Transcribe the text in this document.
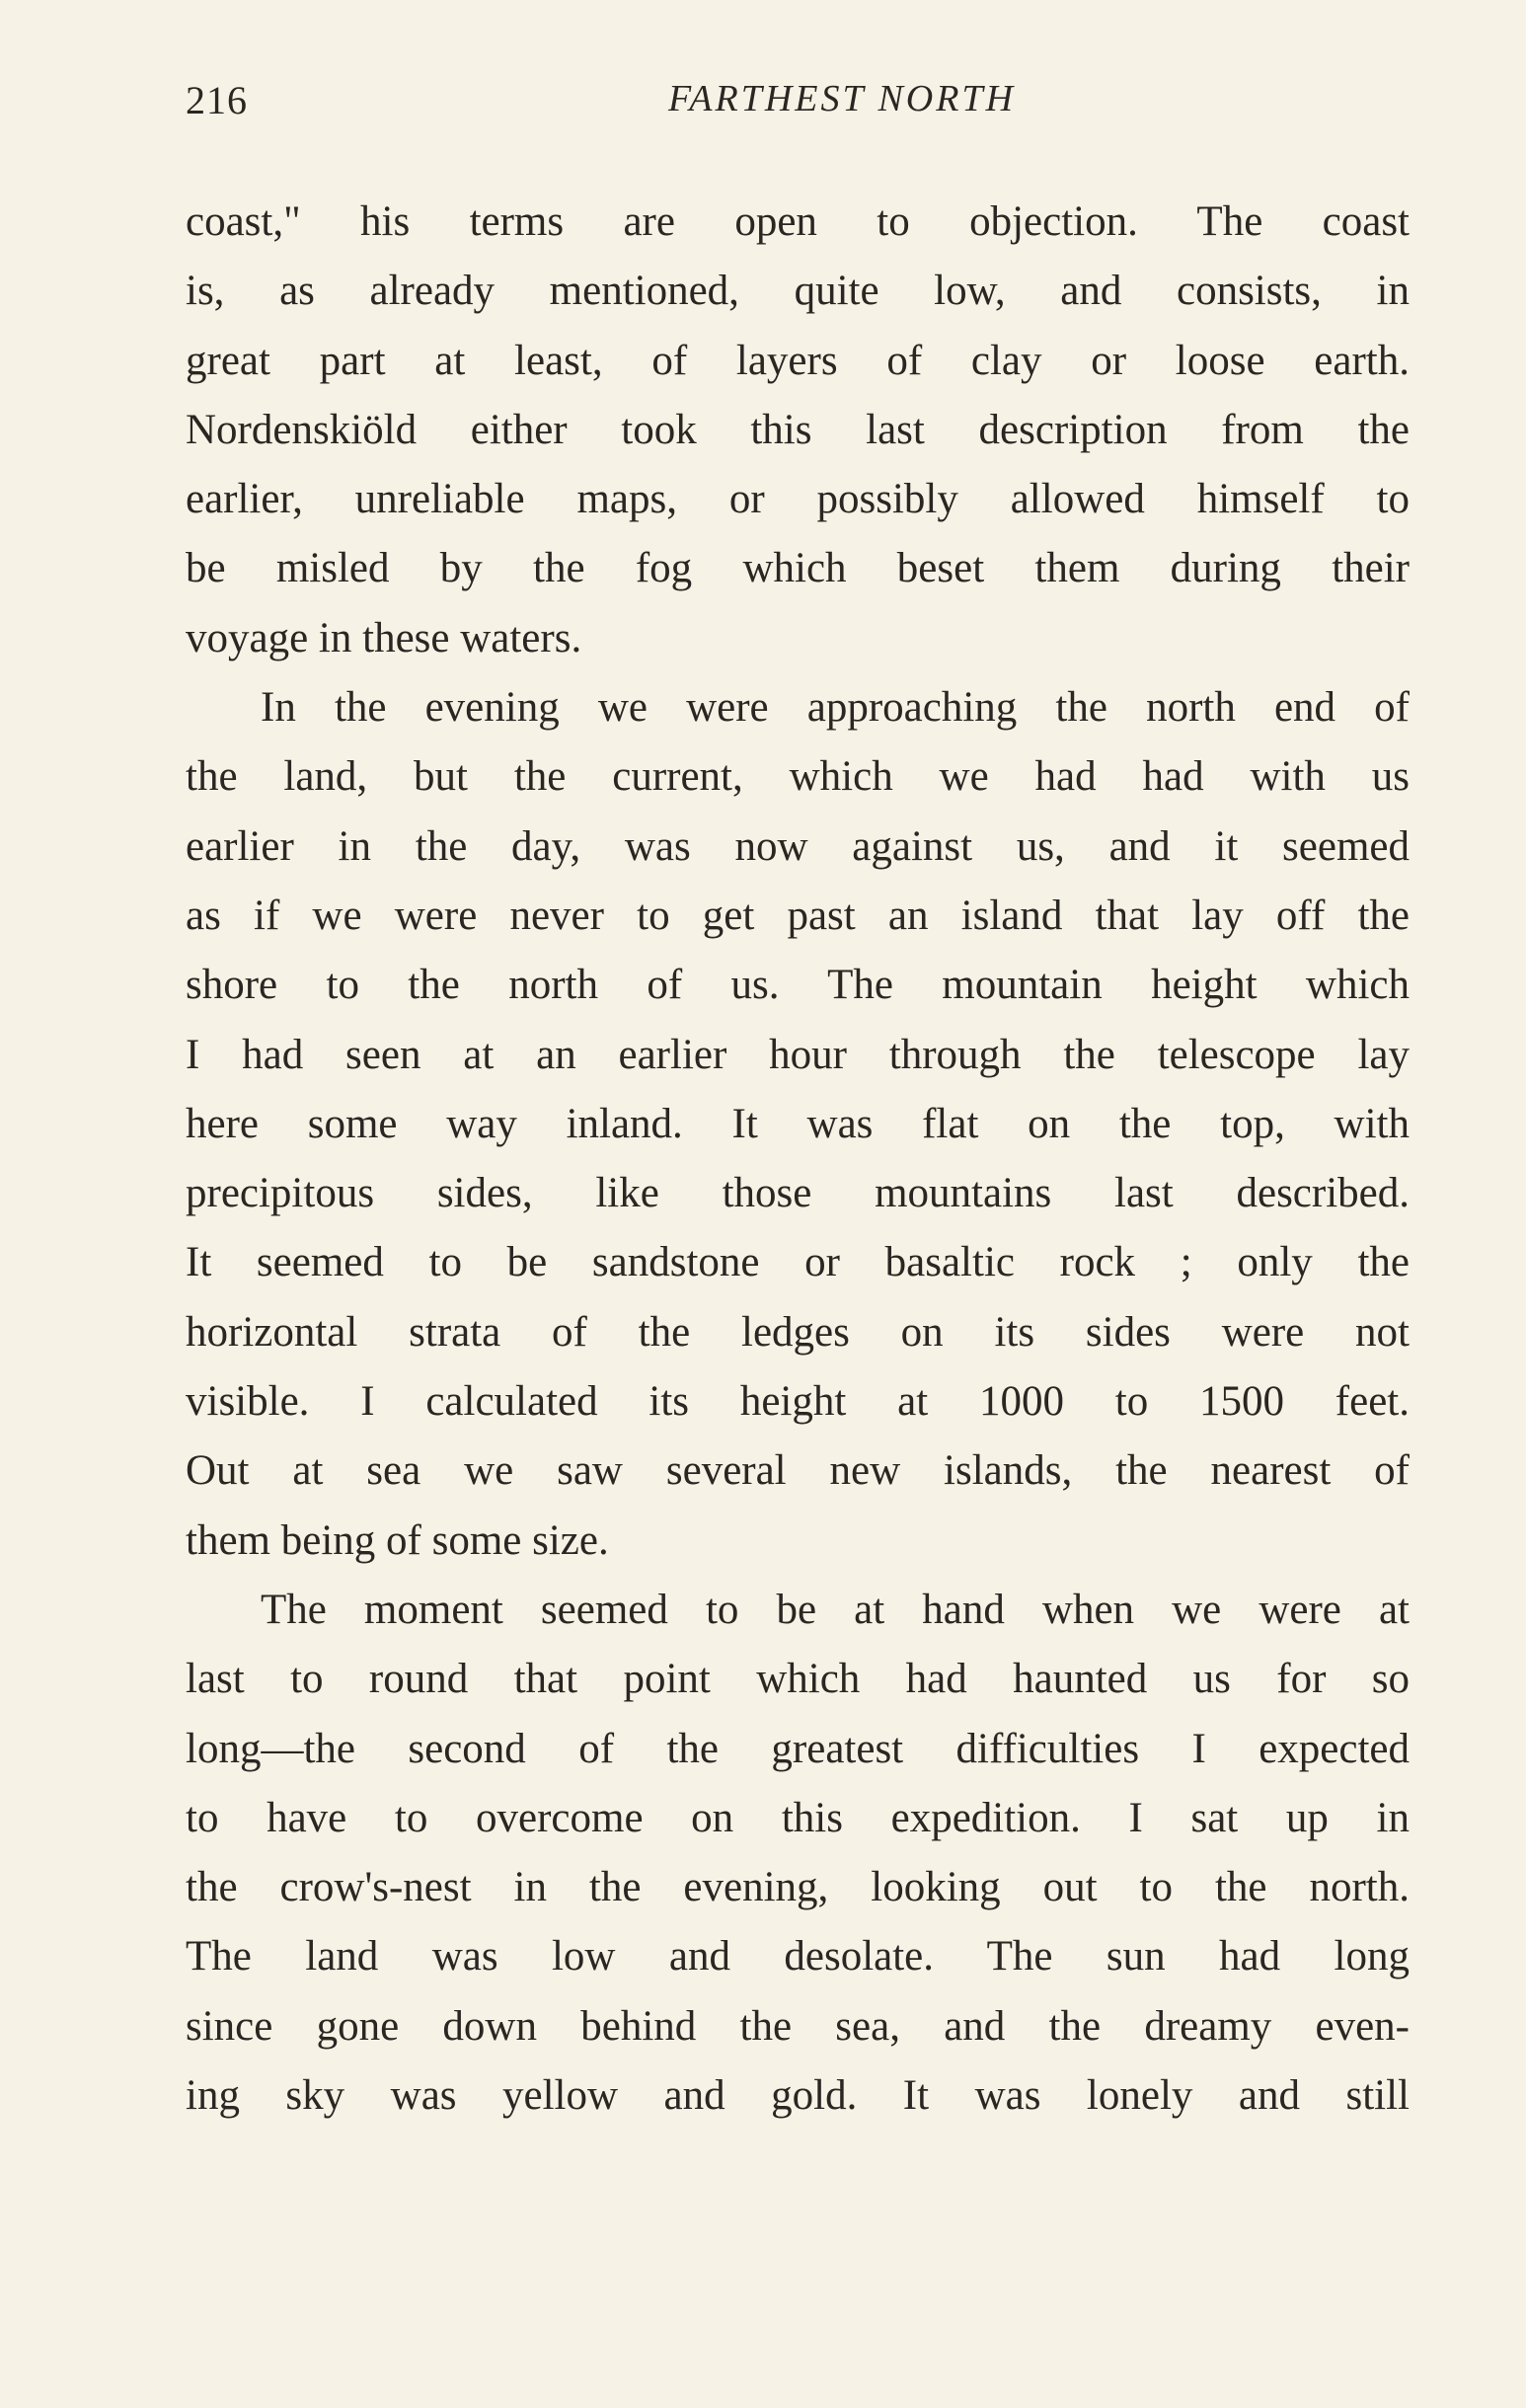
216	FARTHEST NORTH
coast," his terms are open to objection. The coast
is, as already mentioned, quite low, and consists, in
great part at least, of layers of clay or loose earth.
Nordenskiöld either took this last description from the
earlier, unreliable maps, or possibly allowed himself to
be misled by the fog which beset them during their
voyage in these waters.
In the evening we were approaching the north end of
the land, but the current, which we had had with us
earlier in the day, was now against us, and it seemed
as if we were never to get past an island that lay off the
shore to the north of us. The mountain height which
I had seen at an earlier hour through the telescope lay
here some way inland. It was flat on the top, with
precipitous sides, like those mountains last described.
It seemed to be sandstone or basaltic rock ; only the
horizontal strata of the ledges on its sides were not
visible. I calculated its height at 1000 to 1500 feet.
Out at sea we saw several new islands, the nearest of
them being of some size.
The moment seemed to be at hand when we were at
last to round that point which had haunted us for so
long—the second of the greatest difficulties I expected
to have to overcome on this expedition. I sat up in
the crow's-nest in the evening, looking out to the north.
The land was low and desolate. The sun had long
since gone down behind the sea, and the dreamy even-
ing sky was yellow and gold. It was lonely and still
